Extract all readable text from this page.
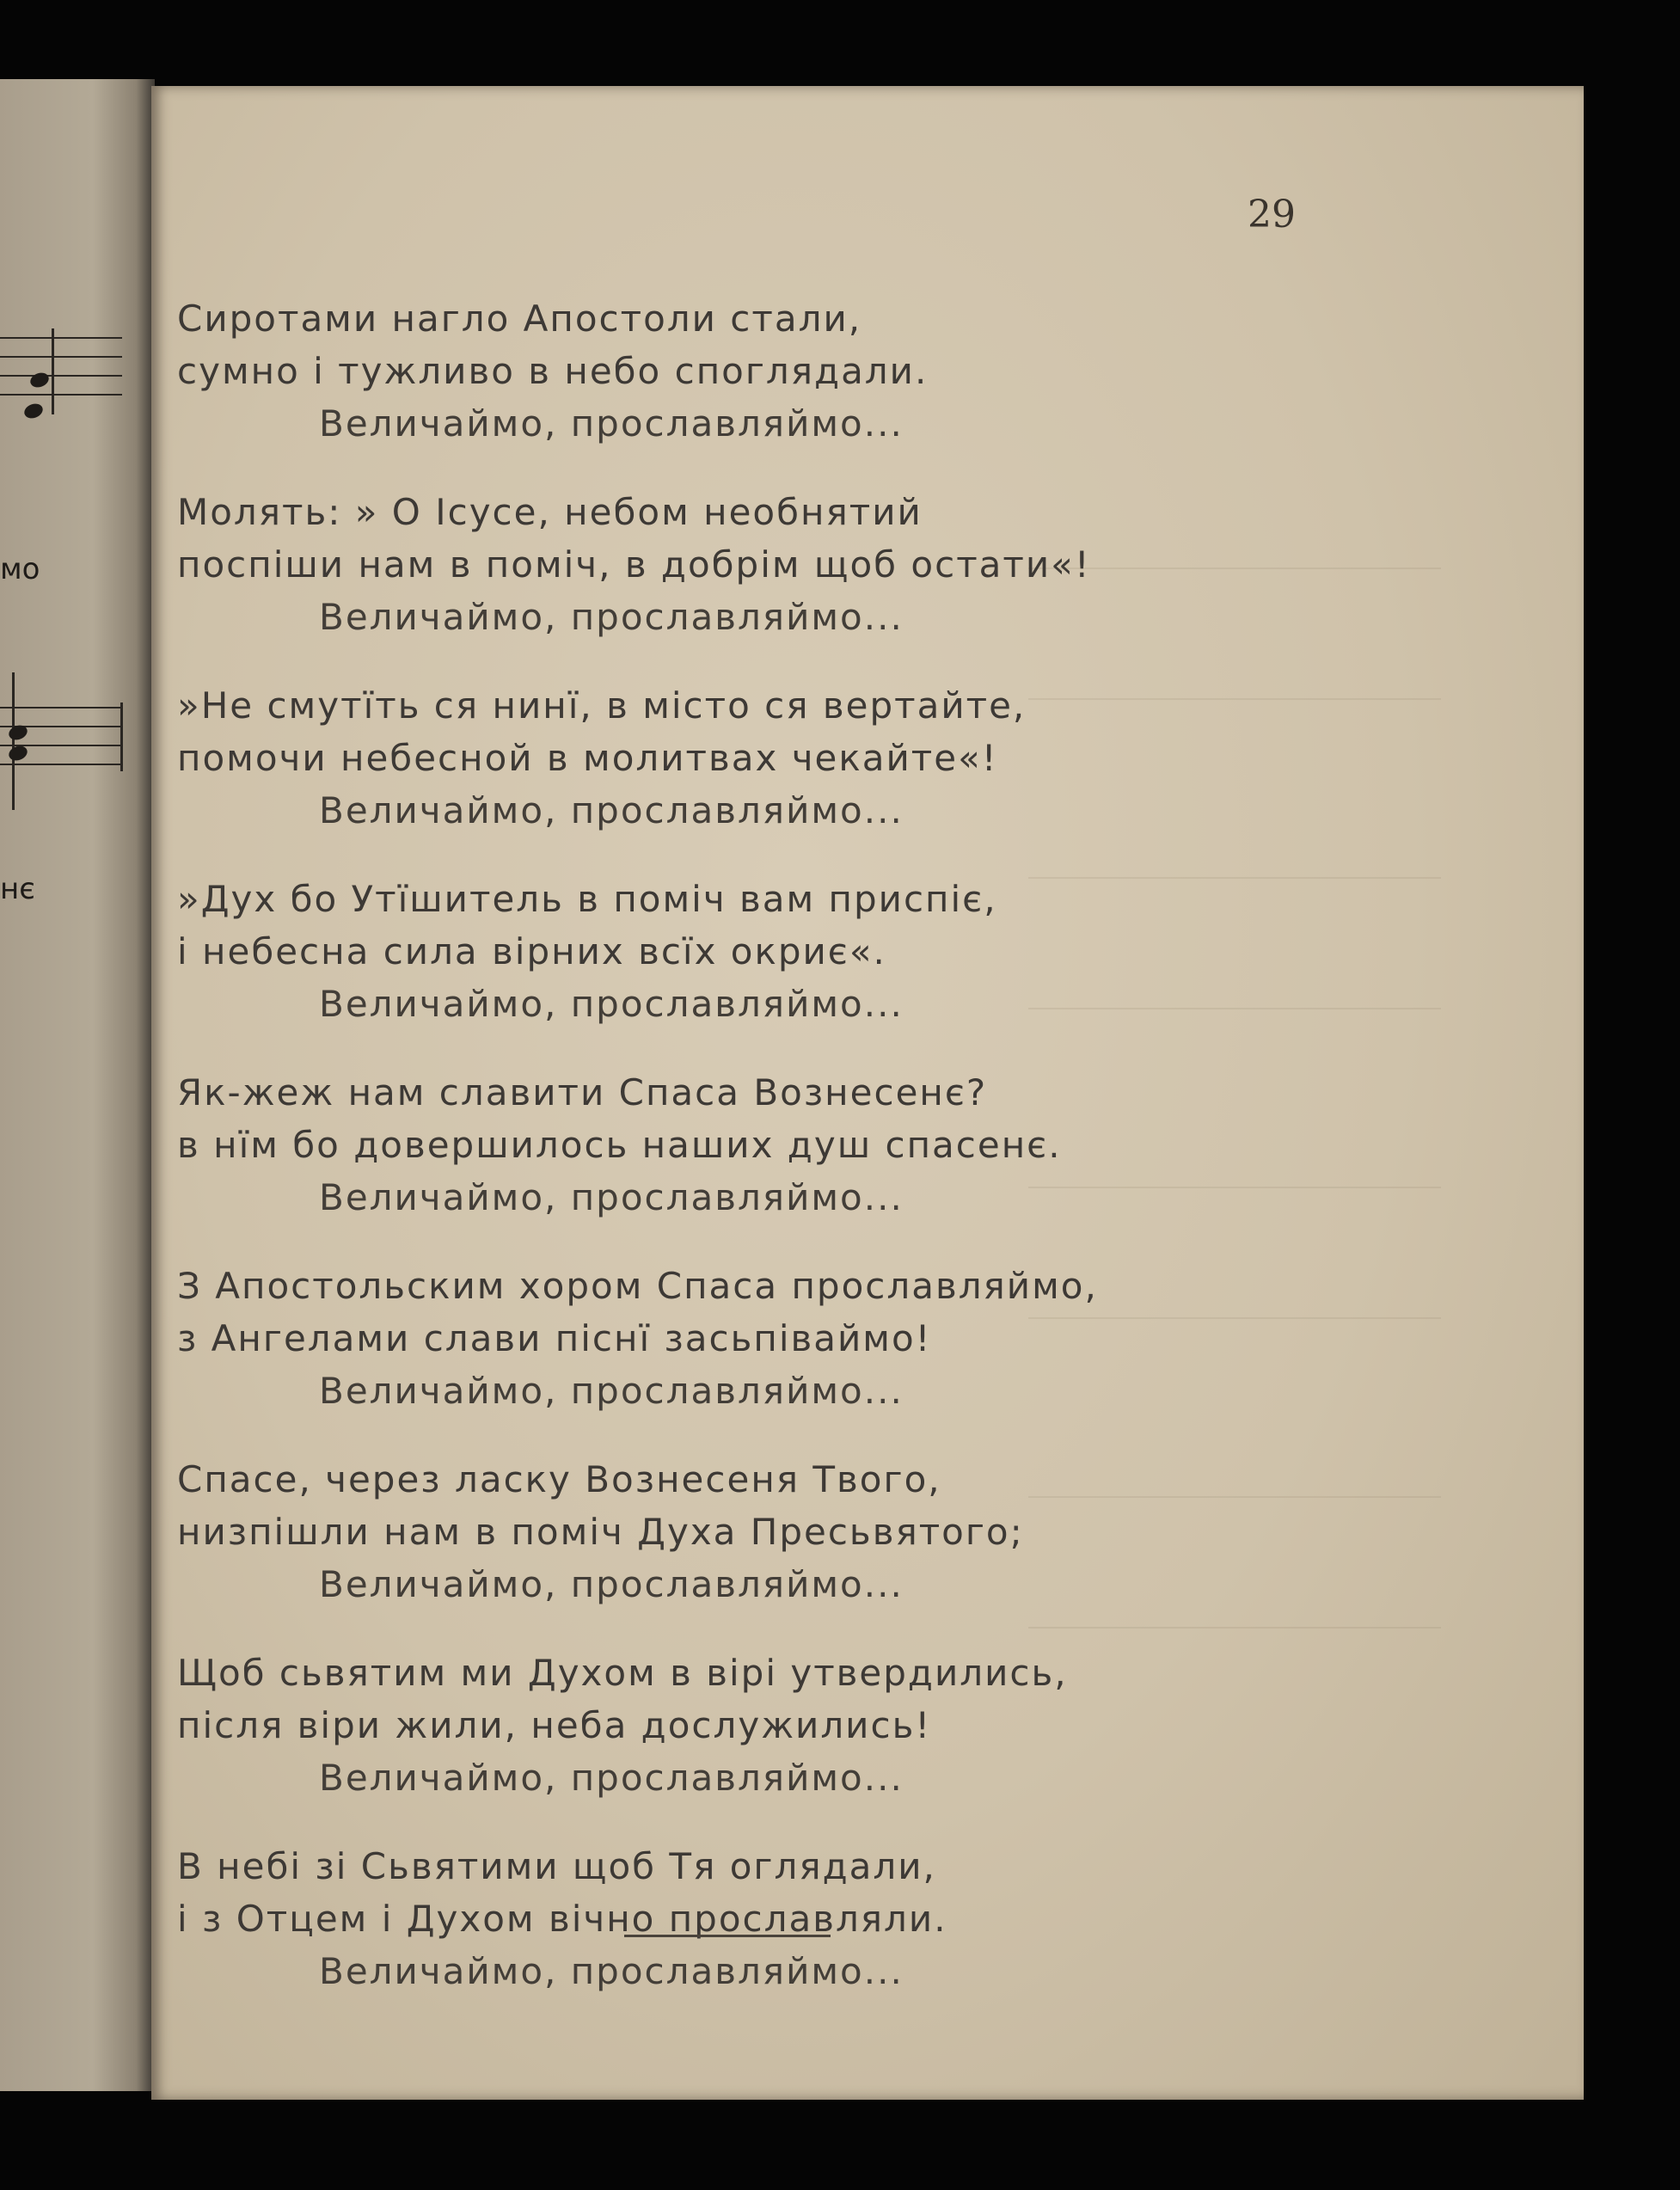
мо
нє
29
Сиротами нагло Апостоли стали,
сумно і тужливо в небо споглядали.
Величаймо, прославляймо...
Молять: » О Ісусе, небом необнятий
поспіши нам в поміч, в добрім щоб остати«!
Величаймо, прославляймо...
»Не смутїть ся нинї, в місто ся вертайте,
помочи небесной в молитвах чекайте«!
Величаймо, прославляймо...
»Дух бо Утїшитель в поміч вам приспіє,
і небесна сила вірних всїх окриє«.
Величаймо, прославляймо...
Як-жеж нам славити Спаса Вознесенє?
в нїм бо довершилось наших душ спасенє.
Величаймо, прославляймо...
З Апостольским хором Спаса прославляймо,
з Ангелами слави піснї засьпіваймо!
Величаймо, прославляймо...
Спасе, через ласку Вознесеня Твого,
низпішли нам в поміч Духа Пресьвятого;
Величаймо, прославляймо...
Щоб сьвятим ми Духом в вірі утвердились,
після віри жили, неба дослужились!
Величаймо, прославляймо...
В небі зі Сьвятими щоб Тя оглядали,
і з Отцем і Духом вічно прославляли.
Величаймо, прославляймо...
